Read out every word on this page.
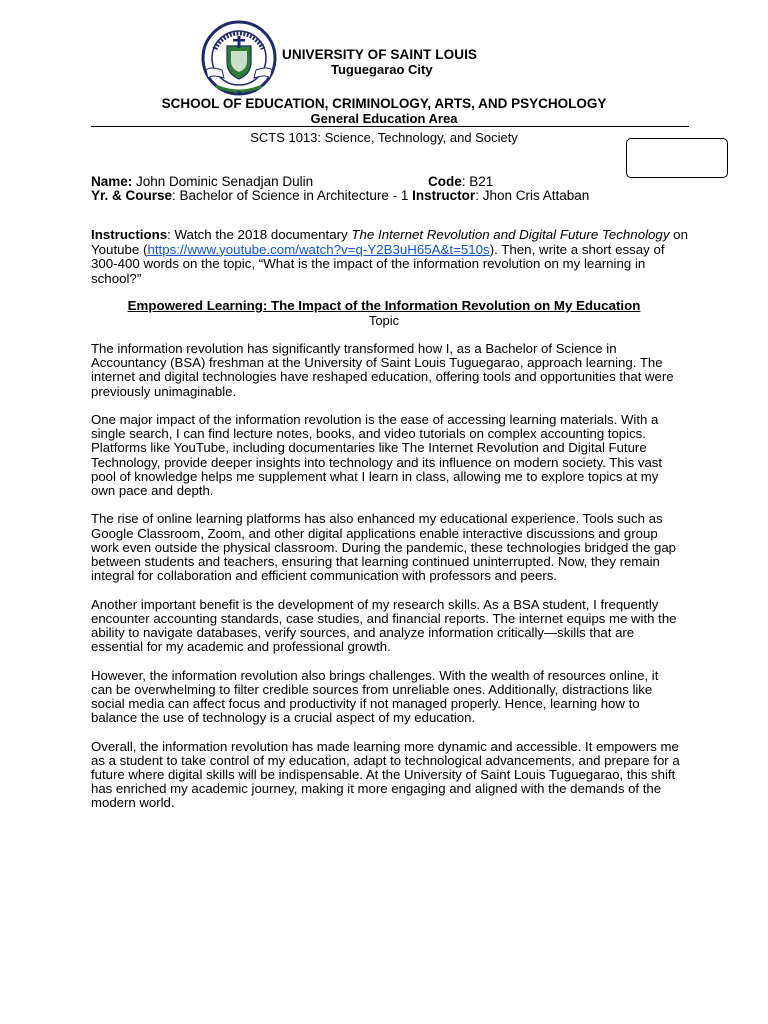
UNIVERSITY OF SAINT LOUIS
Tuguegarao City
SCHOOL OF EDUCATION, CRIMINOLOGY, ARTS, AND PSYCHOLOGY
General Education Area
SCTS 1013: Science, Technology, and Society
Name: John Dominic Senadjan Dulin	Code: B21
Yr. & Course: Bachelor of Science in Architecture - 1 Instructor: Jhon Cris Attaban
Instructions: Watch the 2018 documentary The Internet Revolution and Digital Future Technology on Youtube (https://www.youtube.com/watch?v=q-Y2B3uH65A&t=510s). Then, write a short essay of 300-400 words on the topic, “What is the impact of the information revolution on my learning in school?”
Empowered Learning: The Impact of the Information Revolution on My Education
Topic

The information revolution has significantly transformed how I, as a Bachelor of Science in Accountancy (BSA) freshman at the University of Saint Louis Tuguegarao, approach learning. The internet and digital technologies have reshaped education, offering tools and opportunities that were previously unimaginable.

One major impact of the information revolution is the ease of accessing learning materials. With a single search, I can find lecture notes, books, and video tutorials on complex accounting topics. Platforms like YouTube, including documentaries like The Internet Revolution and Digital Future Technology, provide deeper insights into technology and its influence on modern society. This vast pool of knowledge helps me supplement what I learn in class, allowing me to explore topics at my own pace and depth.

The rise of online learning platforms has also enhanced my educational experience. Tools such as Google Classroom, Zoom, and other digital applications enable interactive discussions and group work even outside the physical classroom. During the pandemic, these technologies bridged the gap between students and teachers, ensuring that learning continued uninterrupted. Now, they remain integral for collaboration and efficient communication with professors and peers.

Another important benefit is the development of my research skills. As a BSA student, I frequently encounter accounting standards, case studies, and financial reports. The internet equips me with the ability to navigate databases, verify sources, and analyze information critically—skills that are essential for my academic and professional growth.

However, the information revolution also brings challenges. With the wealth of resources online, it can be overwhelming to filter credible sources from unreliable ones. Additionally, distractions like social media can affect focus and productivity if not managed properly. Hence, learning how to balance the use of technology is a crucial aspect of my education.

Overall, the information revolution has made learning more dynamic and accessible. It empowers me as a student to take control of my education, adapt to technological advancements, and prepare for a future where digital skills will be indispensable. At the University of Saint Louis Tuguegarao, this shift has enriched my academic journey, making it more engaging and aligned with the demands of the modern world.
